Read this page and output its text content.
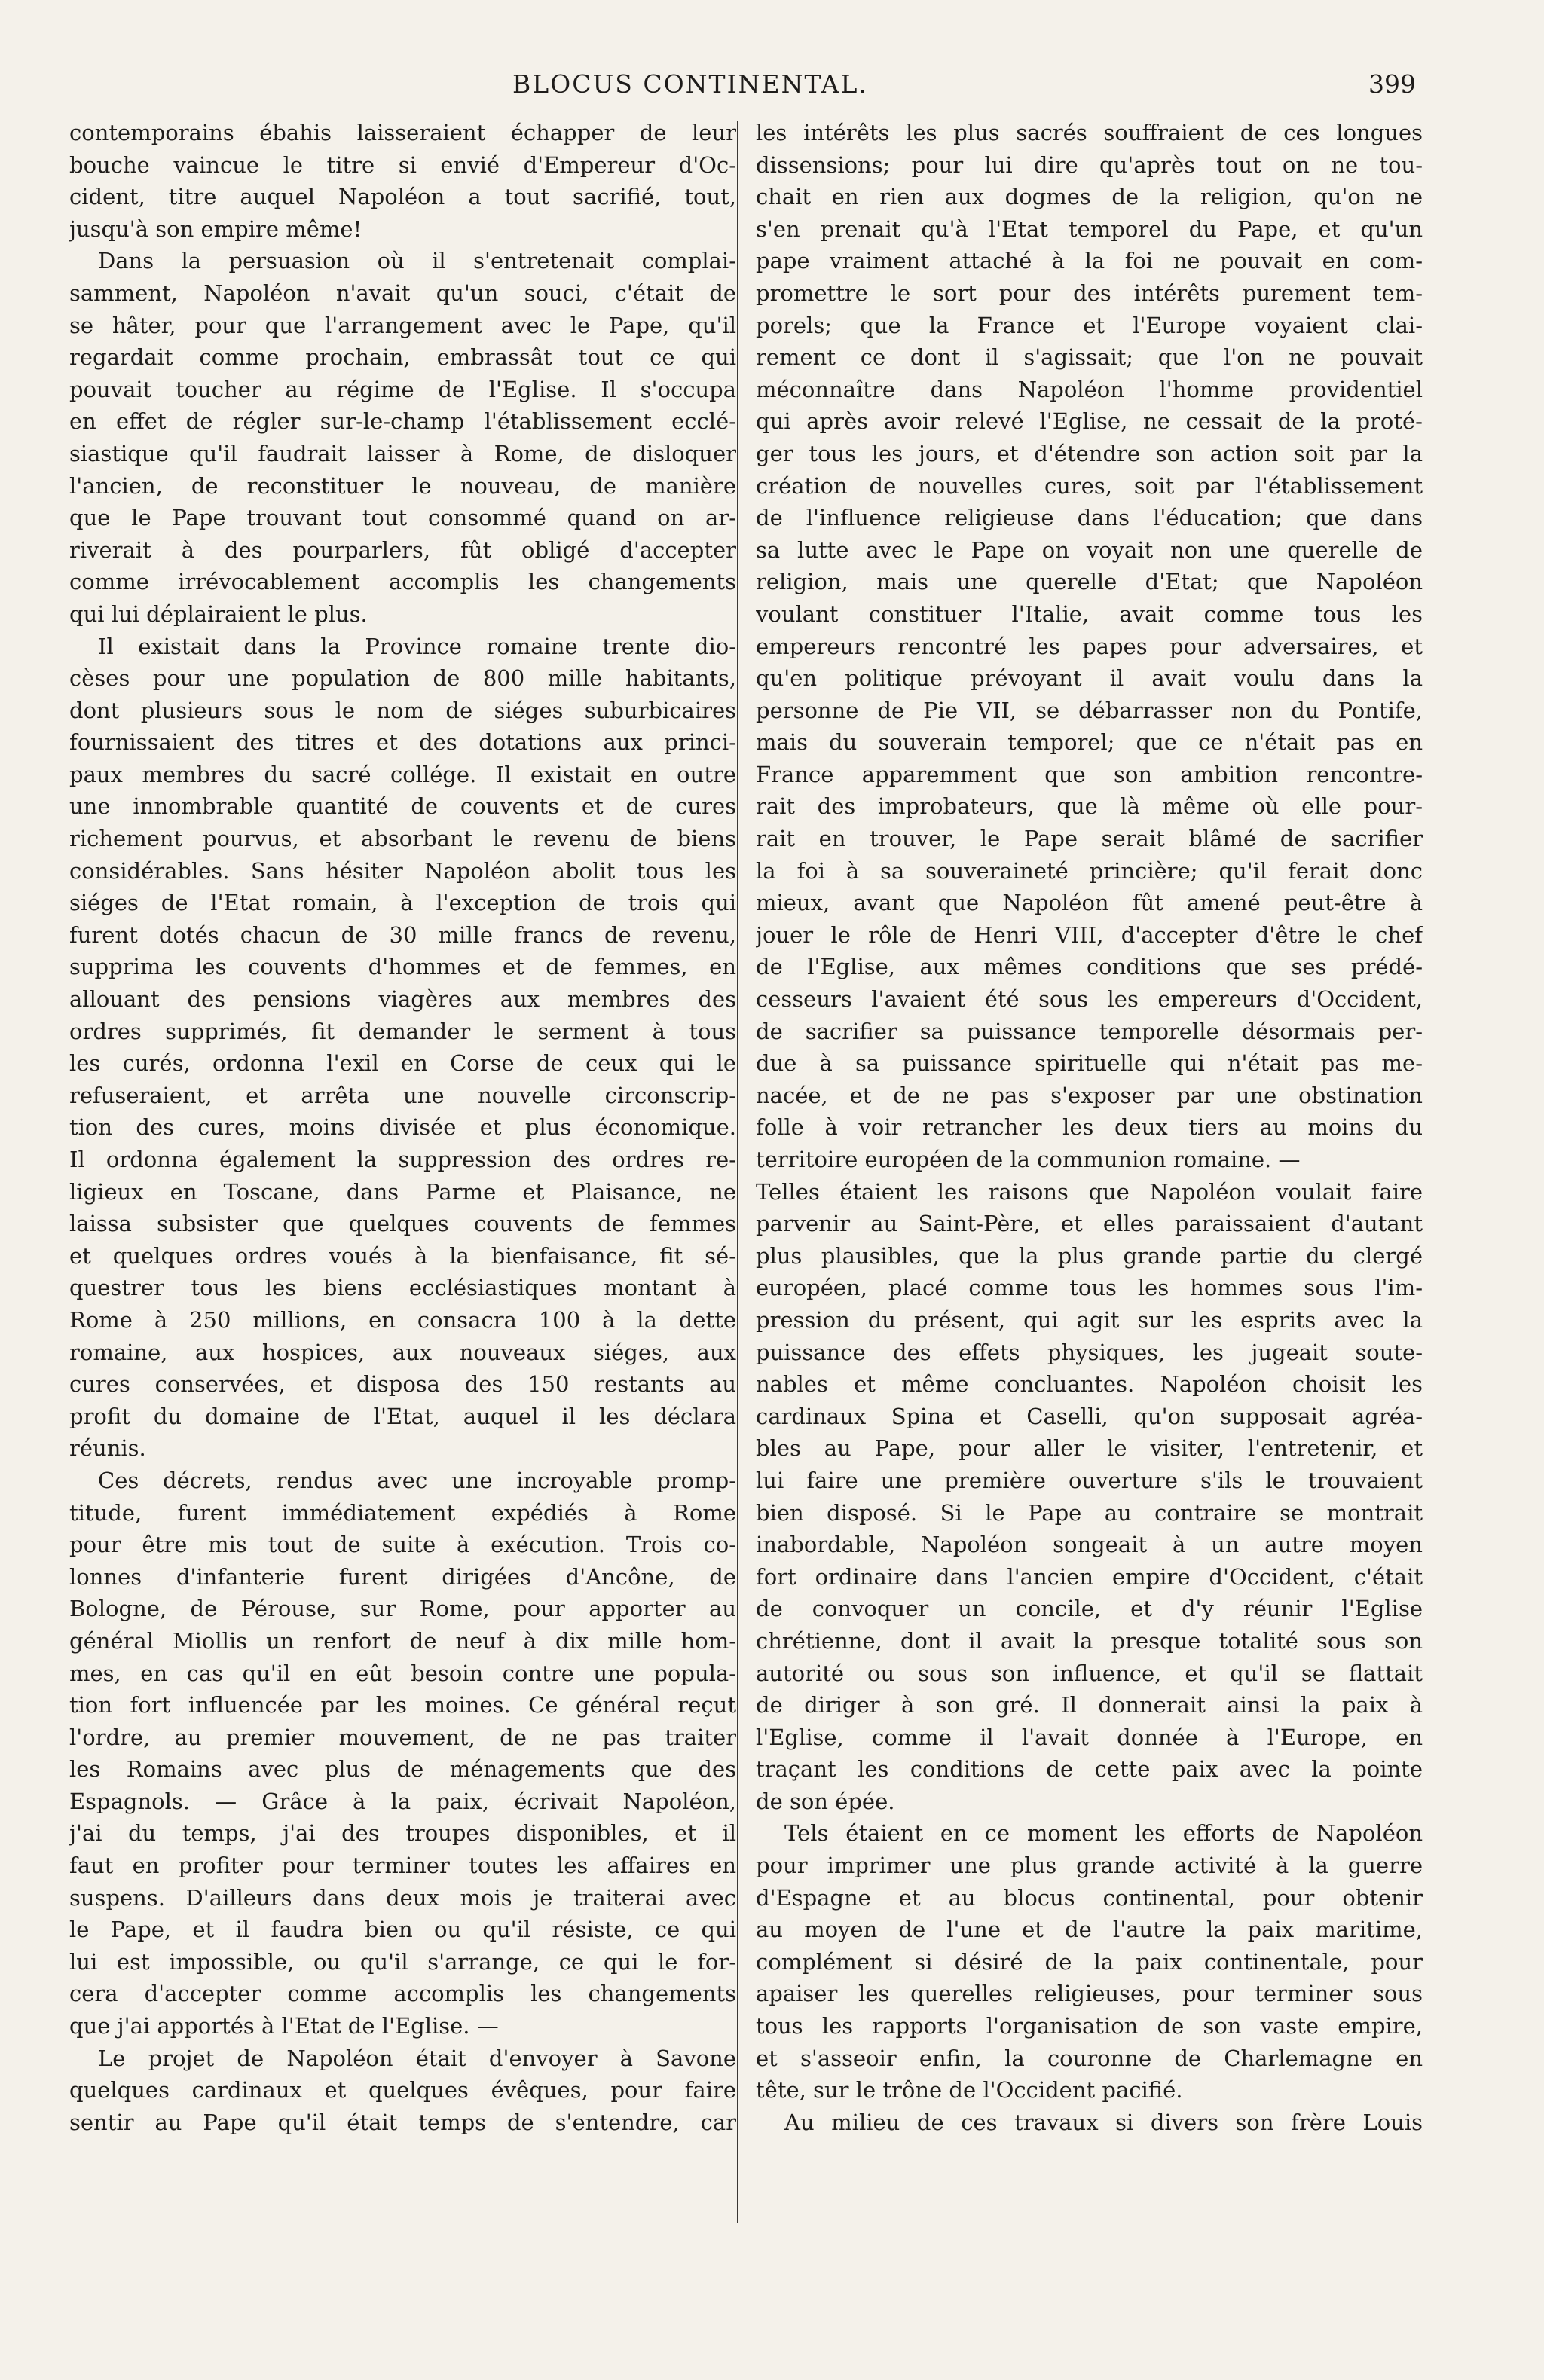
BLOCUS CONTINENTAL.	399
contemporains ébahis laisseraient échapper de leur
bouche vaincue le titre si envié d'Empereur d'Oc-
cident, titre auquel Napoléon a tout sacrifié, tout,
jusqu'à son empire même!
Dans la persuasion où il s'entretenait complai-
samment, Napoléon n'avait qu'un souci, c'était de
se hâter, pour que l'arrangement avec le Pape, qu'il
regardait comme prochain, embrassât tout ce qui
pouvait toucher au régime de l'Eglise. Il s'occupa
en effet de régler sur-le-champ l'établissement ecclé-
siastique qu'il faudrait laisser à Rome, de disloquer
l'ancien, de reconstituer le nouveau, de manière
que le Pape trouvant tout consommé quand on ar-
riverait à des pourparlers, fût obligé d'accepter
comme irrévocablement accomplis les changements
qui lui déplairaient le plus.
Il existait dans la Province romaine trente dio-
cèses pour une population de 800 mille habitants,
dont plusieurs sous le nom de siéges suburbicaires
fournissaient des titres et des dotations aux princi-
paux membres du sacré collége. Il existait en outre
une innombrable quantité de couvents et de cures
richement pourvus, et absorbant le revenu de biens
considérables. Sans hésiter Napoléon abolit tous les
siéges de l'Etat romain, à l'exception de trois qui
furent dotés chacun de 30 mille francs de revenu,
supprima les couvents d'hommes et de femmes, en
allouant des pensions viagères aux membres des
ordres supprimés, fit demander le serment à tous
les curés, ordonna l'exil en Corse de ceux qui le
refuseraient, et arrêta une nouvelle circonscrip-
tion des cures, moins divisée et plus économique.
Il ordonna également la suppression des ordres re-
ligieux en Toscane, dans Parme et Plaisance, ne
laissa subsister que quelques couvents de femmes
et quelques ordres voués à la bienfaisance, fit sé-
questrer tous les biens ecclésiastiques montant à
Rome à 250 millions, en consacra 100 à la dette
romaine, aux hospices, aux nouveaux siéges, aux
cures conservées, et disposa des 150 restants au
profit du domaine de l'Etat, auquel il les déclara
réunis.
Ces décrets, rendus avec une incroyable promp-
titude, furent immédiatement expédiés à Rome
pour être mis tout de suite à exécution. Trois co-
lonnes d'infanterie furent dirigées d'Ancône, de
Bologne, de Pérouse, sur Rome, pour apporter au
général Miollis un renfort de neuf à dix mille hom-
mes, en cas qu'il en eût besoin contre une popula-
tion fort influencée par les moines. Ce général reçut
l'ordre, au premier mouvement, de ne pas traiter
les Romains avec plus de ménagements que des
Espagnols. — Grâce à la paix, écrivait Napoléon,
j'ai du temps, j'ai des troupes disponibles, et il
faut en profiter pour terminer toutes les affaires en
suspens. D'ailleurs dans deux mois je traiterai avec
le Pape, et il faudra bien ou qu'il résiste, ce qui
lui est impossible, ou qu'il s'arrange, ce qui le for-
cera d'accepter comme accomplis les changements
que j'ai apportés à l'Etat de l'Eglise. —
Le projet de Napoléon était d'envoyer à Savone
quelques cardinaux et quelques évêques, pour faire
sentir au Pape qu'il était temps de s'entendre, car
les intérêts les plus sacrés souffraient de ces longues
dissensions; pour lui dire qu'après tout on ne tou-
chait en rien aux dogmes de la religion, qu'on ne
s'en prenait qu'à l'Etat temporel du Pape, et qu'un
pape vraiment attaché à la foi ne pouvait en com-
promettre le sort pour des intérêts purement tem-
porels; que la France et l'Europe voyaient clai-
rement ce dont il s'agissait; que l'on ne pouvait
méconnaître dans Napoléon l'homme providentiel
qui après avoir relevé l'Eglise, ne cessait de la proté-
ger tous les jours, et d'étendre son action soit par la
création de nouvelles cures, soit par l'établissement
de l'influence religieuse dans l'éducation; que dans
sa lutte avec le Pape on voyait non une querelle de
religion, mais une querelle d'Etat; que Napoléon
voulant constituer l'Italie, avait comme tous les
empereurs rencontré les papes pour adversaires, et
qu'en politique prévoyant il avait voulu dans la
personne de Pie VII, se débarrasser non du Pontife,
mais du souverain temporel; que ce n'était pas en
France apparemment que son ambition rencontre-
rait des improbateurs, que là même où elle pour-
rait en trouver, le Pape serait blâmé de sacrifier
la foi à sa souveraineté princière; qu'il ferait donc
mieux, avant que Napoléon fût amené peut-être à
jouer le rôle de Henri VIII, d'accepter d'être le chef
de l'Eglise, aux mêmes conditions que ses prédé-
cesseurs l'avaient été sous les empereurs d'Occident,
de sacrifier sa puissance temporelle désormais per-
due à sa puissance spirituelle qui n'était pas me-
nacée, et de ne pas s'exposer par une obstination
folle à voir retrancher les deux tiers au moins du
territoire européen de la communion romaine. —
Telles étaient les raisons que Napoléon voulait faire
parvenir au Saint-Père, et elles paraissaient d'autant
plus plausibles, que la plus grande partie du clergé
européen, placé comme tous les hommes sous l'im-
pression du présent, qui agit sur les esprits avec la
puissance des effets physiques, les jugeait soute-
nables et même concluantes. Napoléon choisit les
cardinaux Spina et Caselli, qu'on supposait agréa-
bles au Pape, pour aller le visiter, l'entretenir, et
lui faire une première ouverture s'ils le trouvaient
bien disposé. Si le Pape au contraire se montrait
inabordable, Napoléon songeait à un autre moyen
fort ordinaire dans l'ancien empire d'Occident, c'était
de convoquer un concile, et d'y réunir l'Eglise
chrétienne, dont il avait la presque totalité sous son
autorité ou sous son influence, et qu'il se flattait
de diriger à son gré. Il donnerait ainsi la paix à
l'Eglise, comme il l'avait donnée à l'Europe, en
traçant les conditions de cette paix avec la pointe
de son épée.
Tels étaient en ce moment les efforts de Napoléon
pour imprimer une plus grande activité à la guerre
d'Espagne et au blocus continental, pour obtenir
au moyen de l'une et de l'autre la paix maritime,
complément si désiré de la paix continentale, pour
apaiser les querelles religieuses, pour terminer sous
tous les rapports l'organisation de son vaste empire,
et s'asseoir enfin, la couronne de Charlemagne en
tête, sur le trône de l'Occident pacifié.
Au milieu de ces travaux si divers son frère Louis
